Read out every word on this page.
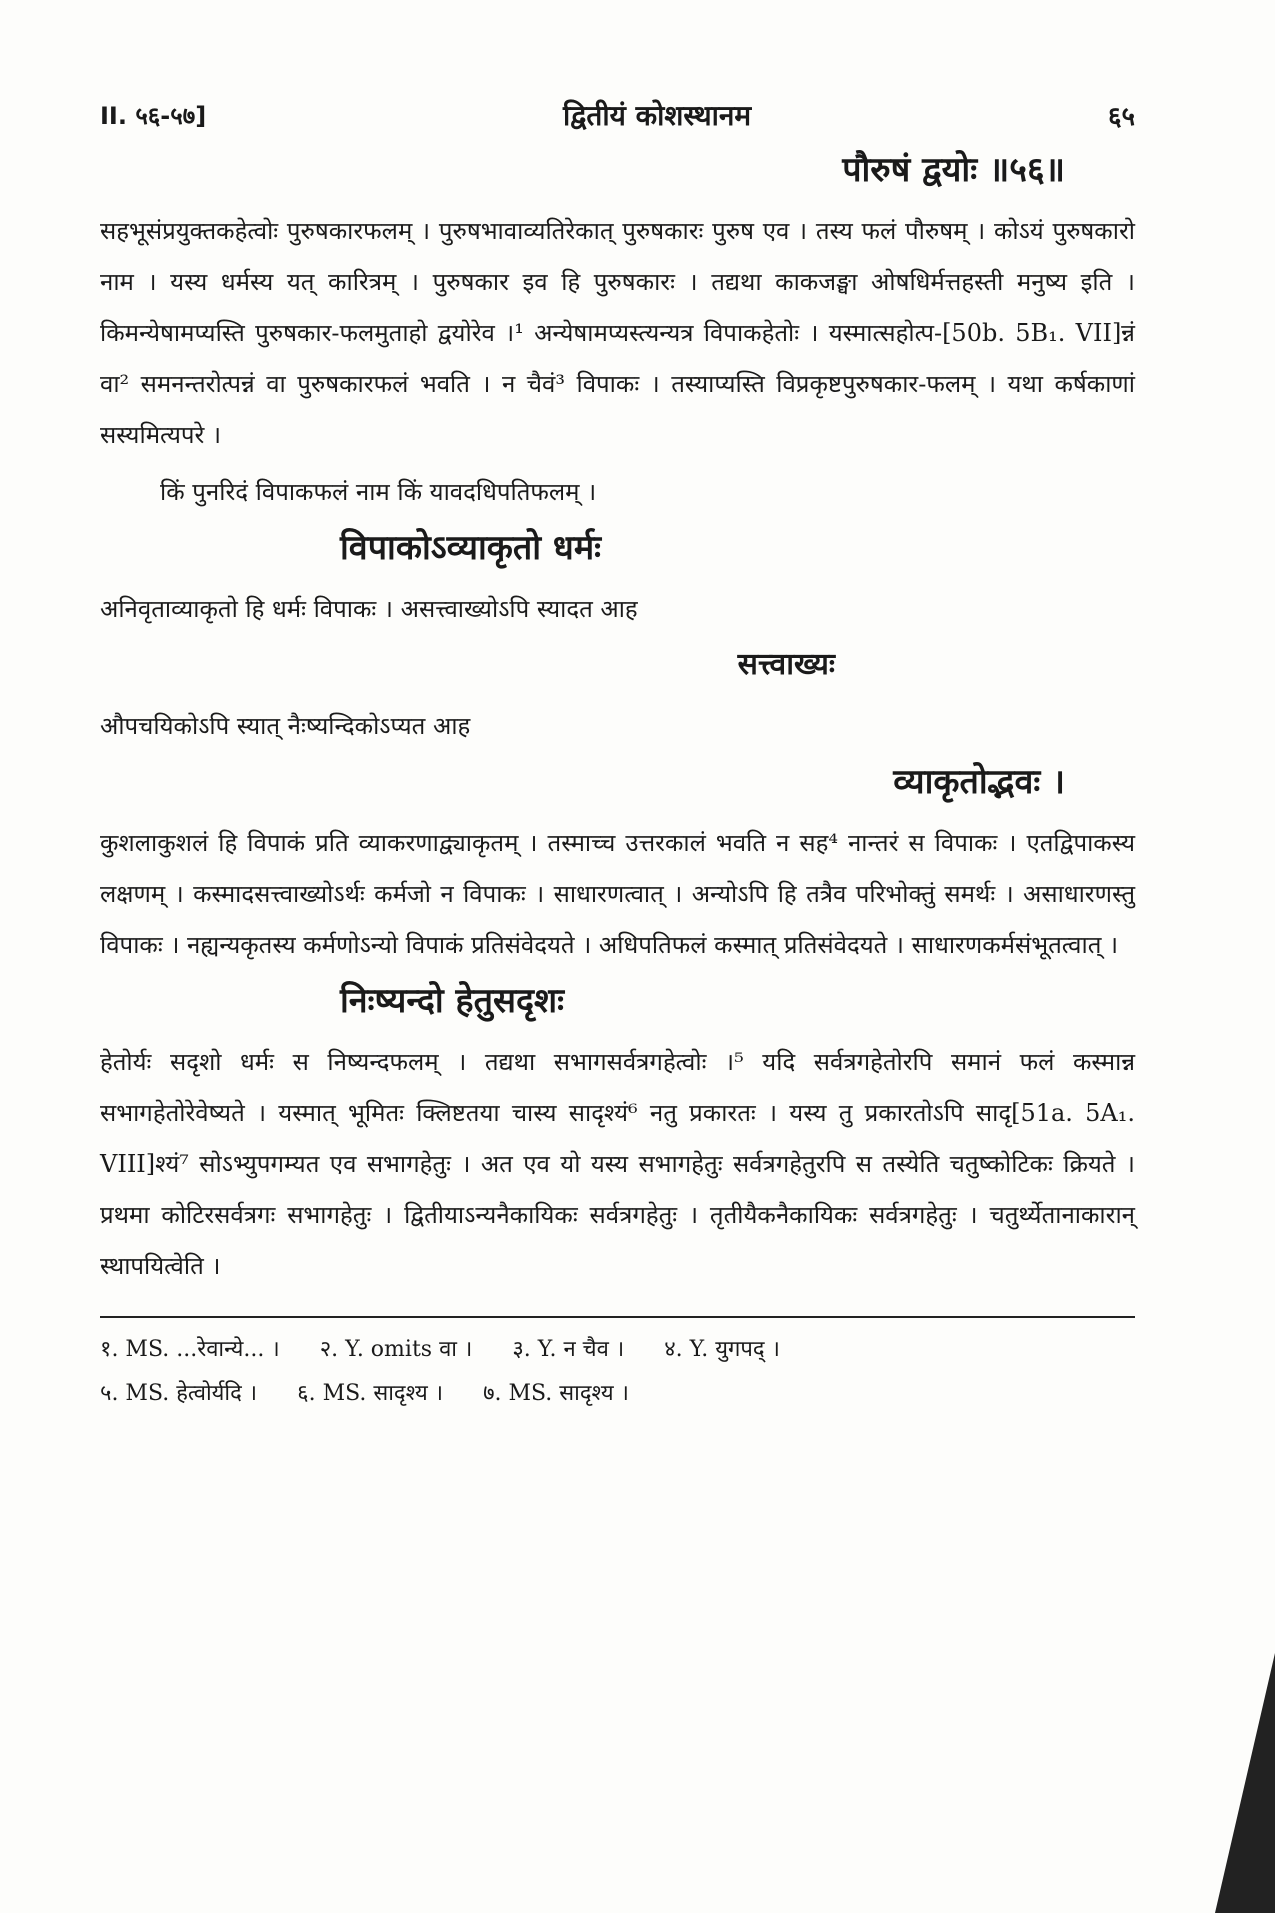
II. ५६-५७]	द्वितीयं कोशस्थानम	६५

पौरुषं द्वयोः ॥५६॥

सहभूसंप्रयुक्तकहेत्वोः पुरुषकारफलम् । पुरुषभावाव्यतिरेकात् पुरुषकारः पुरुष एव । तस्य फलं पौरुषम् । कोऽयं पुरुषकारो नाम । यस्य धर्मस्य यत् कारित्रम् । पुरुषकार इव हि पुरुषकारः । तद्यथा काकजङ्घा ओषधिर्मत्तहस्ती मनुष्य इति । किमन्येषामप्यस्ति पुरुषकार-फलमुताहो द्वयोरेव ।¹ अन्येषामप्यस्त्यन्यत्र विपाकहेतोः । यस्मात्सहोत्प-[50b. 5B₁. VII]न्नं वा² समनन्तरोत्पन्नं वा पुरुषकारफलं भवति । न चैवं³ विपाकः । तस्याप्यस्ति विप्रकृष्टपुरुषकार-फलम् । यथा कर्षकाणां सस्यमित्यपरे ।

किं पुनरिदं विपाकफलं नाम किं यावदधिपतिफलम् ।

विपाकोऽव्याकृतो धर्मः

अनिवृताव्याकृतो हि धर्मः विपाकः । असत्त्वाख्योऽपि स्यादत आह

सत्त्वाख्यः

औपचयिकोऽपि स्यात् नैःष्यन्दिकोऽप्यत आह

व्याकृतोद्भवः ।

कुशलाकुशलं हि विपाकं प्रति व्याकरणाद्व्याकृतम् । तस्माच्च उत्तरकालं भवति न सह⁴ नान्तरं स विपाकः । एतद्विपाकस्य लक्षणम् । कस्मादसत्त्वाख्योऽर्थः कर्मजो न विपाकः । साधारणत्वात् । अन्योऽपि हि तत्रैव परिभोक्तुं समर्थः । असाधारणस्तु विपाकः । नह्यन्यकृतस्य कर्मणोऽन्यो विपाकं प्रतिसंवेदयते । अधिपतिफलं कस्मात् प्रतिसंवेदयते । साधारणकर्मसंभूतत्वात् ।

निःष्यन्दो हेतुसदृशः

हेतोर्यः सदृशो धर्मः स निष्यन्दफलम् । तद्यथा सभागसर्वत्रगहेत्वोः ।⁵ यदि सर्वत्रगहेतोरपि समानं फलं कस्मान्न सभागहेतोरेवेष्यते । यस्मात् भूमितः क्लिष्टतया चास्य सादृश्यं⁶ नतु प्रकारतः । यस्य तु प्रकारतोऽपि सादृ[51a. 5A₁. VIII]श्यं⁷ सोऽभ्युपगम्यत एव सभागहेतुः । अत एव यो यस्य सभागहेतुः सर्वत्रगहेतुरपि स तस्येति चतुष्कोटिकः क्रियते । प्रथमा कोटिरसर्वत्रगः सभागहेतुः । द्वितीयाऽन्यनैकायिकः सर्वत्रगहेतुः । तृतीयैकनैकायिकः सर्वत्रगहेतुः । चतुर्थ्येतानाकारान् स्थापयित्वेति ।

१. MS. ...रेवान्ये... । २. Y. omits वा । ३. Y. न चैव । ४. Y. युगपद् ।
५. MS. हेत्वोर्यदि । ६. MS. सादृश्य । ७. MS. सादृश्य ।
